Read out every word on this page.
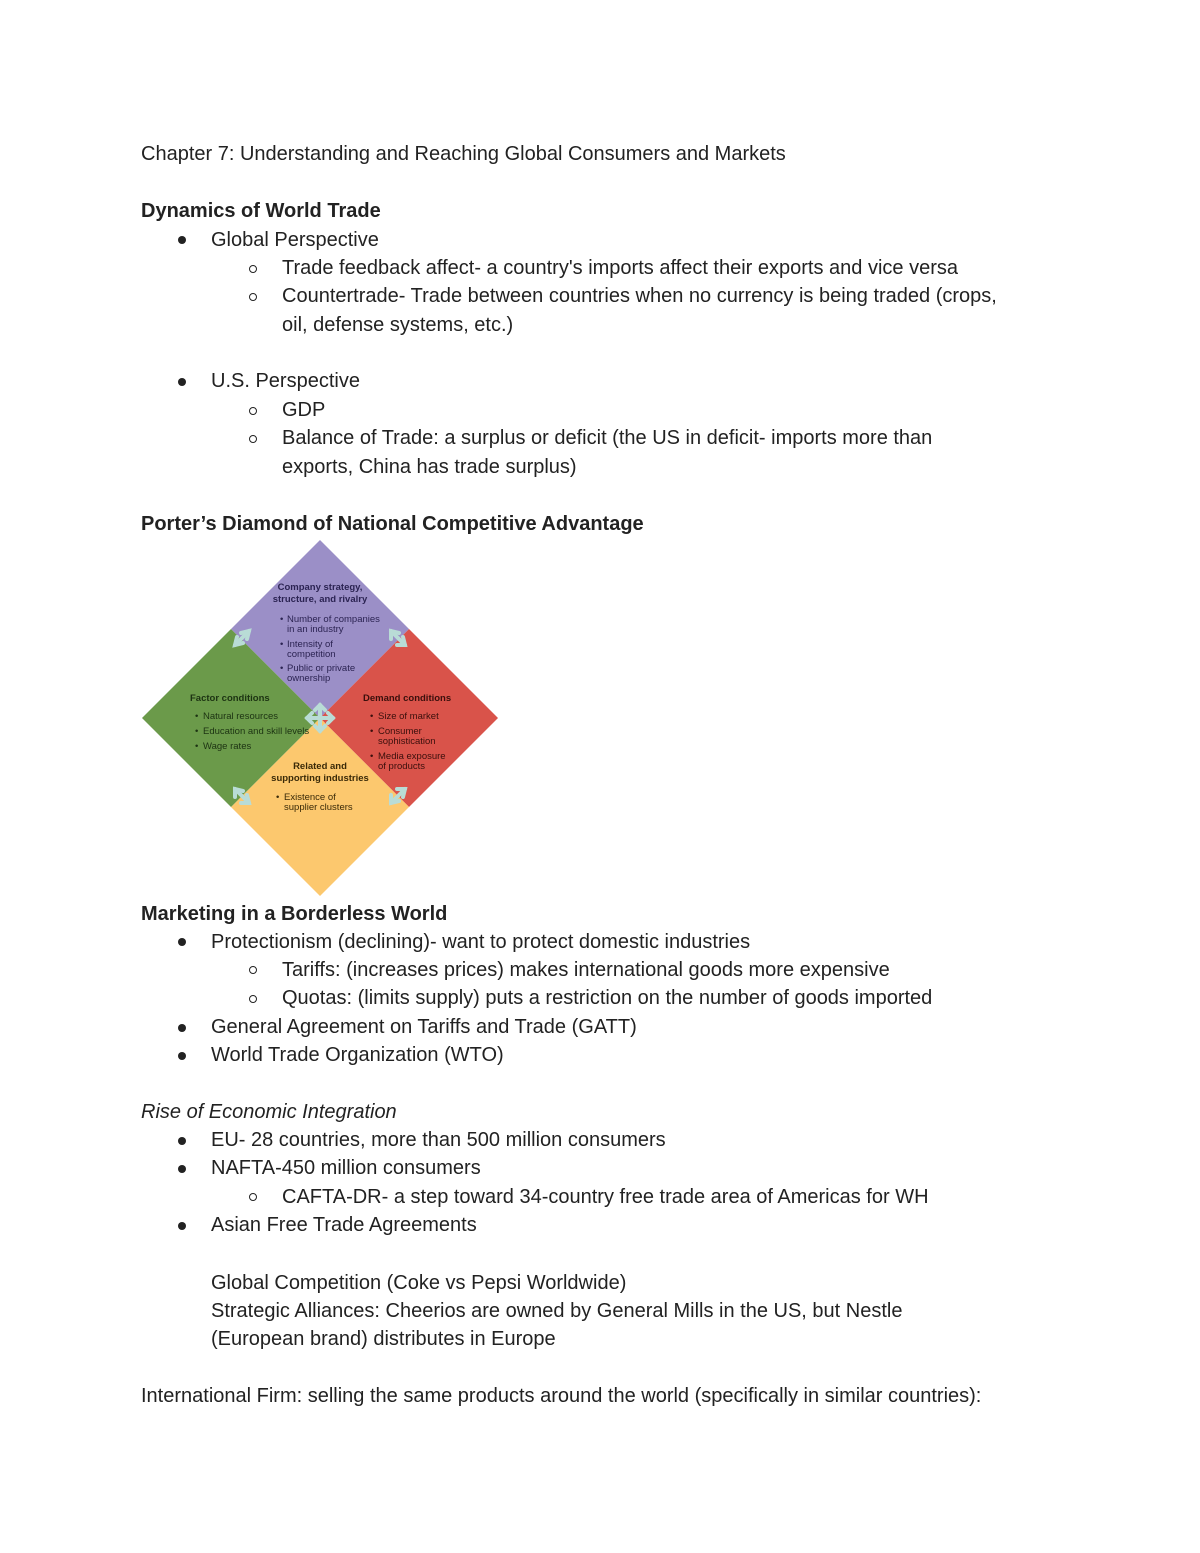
Chapter 7: Understanding and Reaching Global Consumers and Markets
Dynamics of World Trade
Global Perspective
Trade feedback affect- a country's imports affect their exports and vice versa
Countertrade- Trade between countries when no currency is being traded (crops,
oil, defense systems, etc.)
U.S. Perspective
GDP
Balance of Trade: a surplus or deficit (the US in deficit- imports more than
exports, China has trade surplus)
Porter’s Diamond of National Competitive Advantage
Company strategy,
structure, and rivalry
• Number of companies
in an industry
• Intensity of
competition
• Public or private
ownership
Factor conditions
• Natural resources
• Education and skill levels
• Wage rates
Demand conditions
• Size of market
• Consumer
sophistication
• Media exposure
of products
Related and
supporting industries
• Existence of
supplier clusters
Marketing in a Borderless World
Protectionism (declining)- want to protect domestic industries
Tariffs: (increases prices) makes international goods more expensive
Quotas: (limits supply) puts a restriction on the number of goods imported
General Agreement on Tariffs and Trade (GATT)
World Trade Organization (WTO)
Rise of Economic Integration
EU- 28 countries, more than 500 million consumers
NAFTA-450 million consumers
CAFTA-DR- a step toward 34-country free trade area of Americas for WH
Asian Free Trade Agreements
Global Competition (Coke vs Pepsi Worldwide)
Strategic Alliances: Cheerios are owned by General Mills in the US, but Nestle
(European brand) distributes in Europe
International Firm: selling the same products around the world (specifically in similar countries):
